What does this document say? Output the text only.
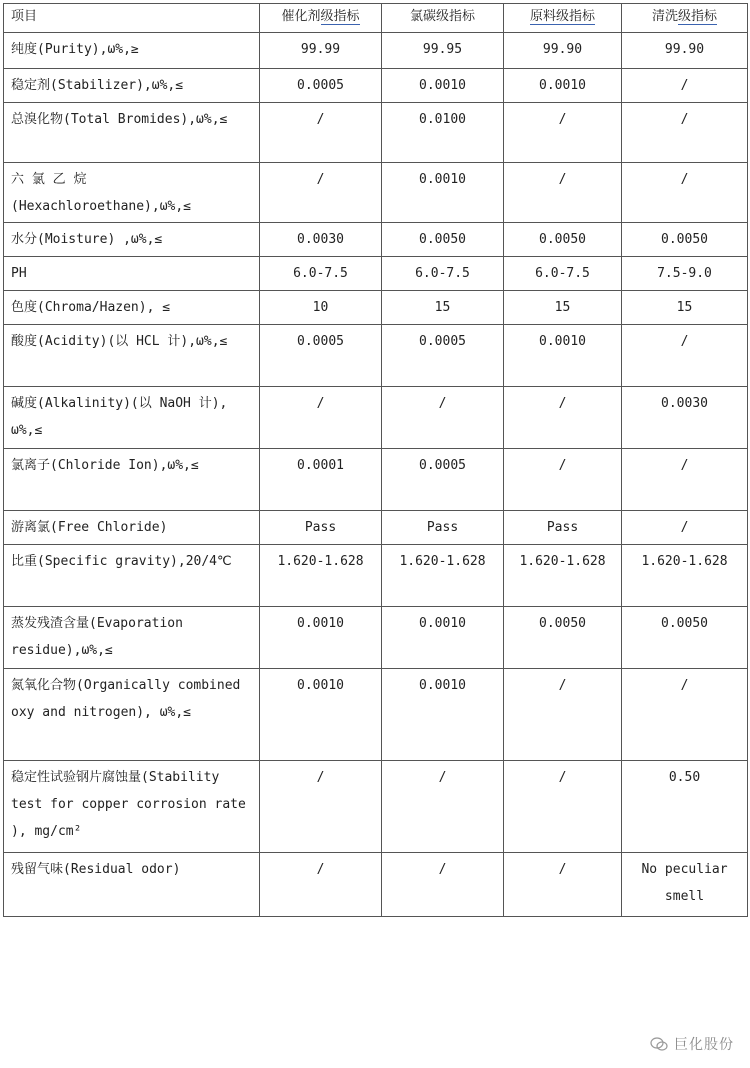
项目	催化剂级指标	氯碳级指标	原料级指标	清洗级指标
纯度(Purity),ω%,≥	99.99	99.95	99.90	99.90
稳定剂(Stabilizer),ω%,≤	0.0005	0.0010	0.0010	/
总溴化物(Total Bromides),ω%,≤	/	0.0100	/	/
六 氯 乙 烷 (Hexachloroethane),ω%,≤	/	0.0010	/	/
水分(Moisture) ,ω%,≤	0.0030	0.0050	0.0050	0.0050
PH	6.0-7.5	6.0-7.5	6.0-7.5	7.5-9.0
色度(Chroma/Hazen), ≤	10	15	15	15
酸度(Acidity)(以 HCL 计),ω%,≤	0.0005	0.0005	0.0010	/
碱度(Alkalinity)(以 NaOH 计), ω%,≤	/	/	/	0.0030
氯离子(Chloride Ion),ω%,≤	0.0001	0.0005	/	/
游离氯(Free Chloride)	Pass	Pass	Pass	/
比重(Specific gravity),20/4℃	1.620-1.628	1.620-1.628	1.620-1.628	1.620-1.628
蒸发残渣含量(Evaporation residue),ω%,≤	0.0010	0.0010	0.0050	0.0050
氮氧化合物(Organically combined oxy and nitrogen), ω%,≤	0.0010	0.0010	/	/
稳定性试验钢片腐蚀量(Stability test for copper corrosion rate ), mg/cm²	/	/	/	0.50
残留气味(Residual odor)	/	/	/	No peculiar smell
巨化股份
